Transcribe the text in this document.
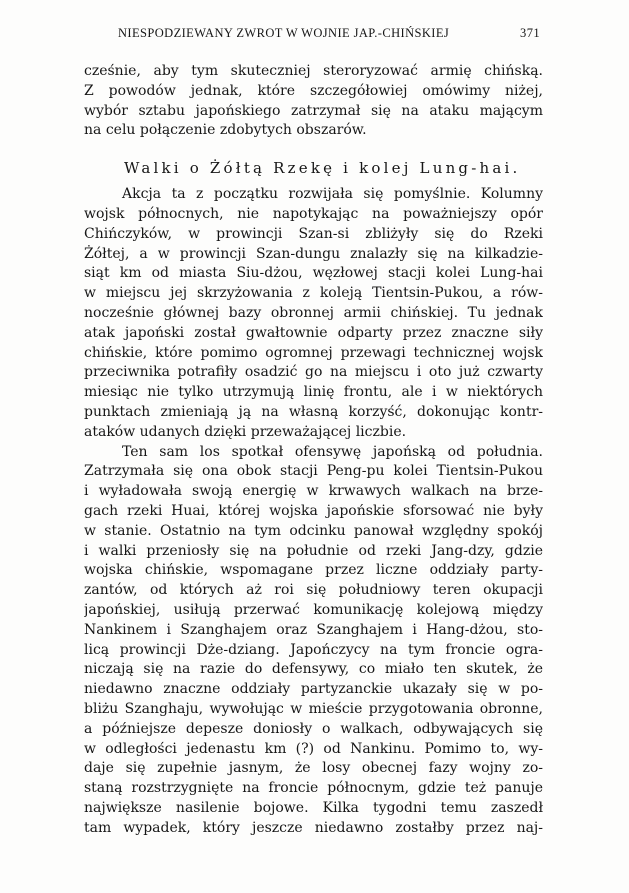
NIESPODZIEWANY ZWROT W WOJNIE JAP.-CHIŃSKIEJ	371
cześnie, aby tym skuteczniej steroryzować armię chińską.
Z powodów jednak, które szczegółowiej omówimy niżej,
wybór sztabu japońskiego zatrzymał się na ataku mającym
na celu połączenie zdobytych obszarów.
Walki o Żółtą Rzekę i kolej Lung-hai.
Akcja ta z początku rozwijała się pomyślnie. Kolumny
wojsk północnych, nie napotykając na poważniejszy opór
Chińczyków, w prowincji Szan-si zbliżyły się do Rzeki
Żółtej, a w prowincji Szan-dungu znalazły się na kilkadzie-
siąt km od miasta Siu-dżou, węzłowej stacji kolei Lung-hai
w miejscu jej skrzyżowania z koleją Tientsin-Pukou, a rów-
nocześnie głównej bazy obronnej armii chińskiej. Tu jednak
atak japoński został gwałtownie odparty przez znaczne siły
chińskie, które pomimo ogromnej przewagi technicznej wojsk
przeciwnika potrafiły osadzić go na miejscu i oto już czwarty
miesiąc nie tylko utrzymują linię frontu, ale i w niektórych
punktach zmieniają ją na własną korzyść, dokonując kontr-
ataków udanych dzięki przeważającej liczbie.
Ten sam los spotkał ofensywę japońską od południa.
Zatrzymała się ona obok stacji Peng-pu kolei Tientsin-Pukou
i wyładowała swoją energię w krwawych walkach na brze-
gach rzeki Huai, której wojska japońskie sforsować nie były
w stanie. Ostatnio na tym odcinku panował względny spokój
i walki przeniosły się na południe od rzeki Jang-dzy, gdzie
wojska chińskie, wspomagane przez liczne oddziały party-
zantów, od których aż roi się południowy teren okupacji
japońskiej, usiłują przerwać komunikację kolejową między
Nankinem i Szanghajem oraz Szanghajem i Hang-dżou, sto-
licą prowincji Dże-dziang. Japończycy na tym froncie ogra-
niczają się na razie do defensywy, co miało ten skutek, że
niedawno znaczne oddziały partyzanckie ukazały się w po-
bliżu Szanghaju, wywołując w mieście przygotowania obronne,
a późniejsze depesze doniosły o walkach, odbywających się
w odległości jedenastu km (?) od Nankinu. Pomimo to, wy-
daje się zupełnie jasnym, że losy obecnej fazy wojny zo-
staną rozstrzygnięte na froncie północnym, gdzie też panuje
największe nasilenie bojowe. Kilka tygodni temu zaszedł
tam wypadek, który jeszcze niedawno zostałby przez naj-
